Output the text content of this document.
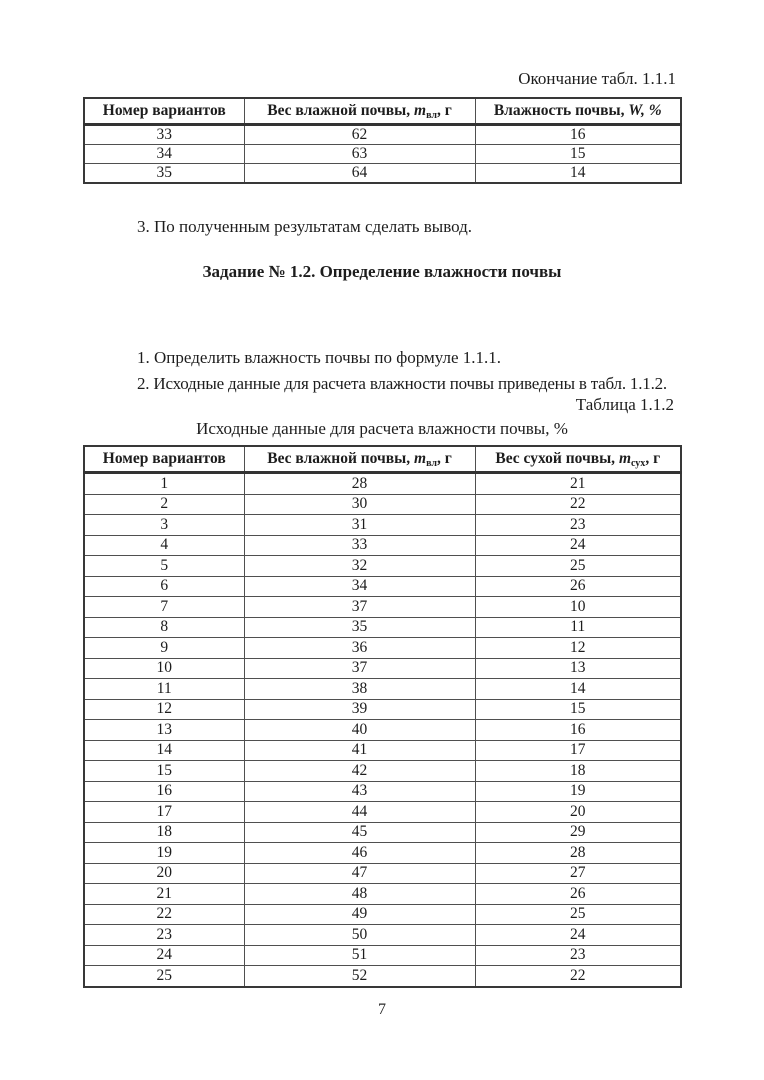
Окончание табл. 1.1.1
Номер вариантов	Вес влажной почвы, $m_{вл}$, г	Влажность почвы, W, %
33	62	16
34	63	15
35	64	14

3. По полученным результатам сделать вывод.

Задание № 1.2. Определение влажности почвы

1. Определить влажность почвы по формуле 1.1.1.

2. Исходные данные для расчета влажности почвы приведены в табл. 1.1.2.

Таблица 1.1.2
Исходные данные для расчета влажности почвы, %
Номер вариантов	Вес влажной почвы, $m_{вл}$, г	Вес сухой почвы, $m_{сух}$, г
1	28	21
2	30	22
3	31	23
4	33	24
5	32	25
6	34	26
7	37	10
8	35	11
9	36	12
10	37	13
11	38	14
12	39	15
13	40	16
14	41	17
15	42	18
16	43	19
17	44	20
18	45	29
19	46	28
20	47	27
21	48	26
22	49	25
23	50	24
24	51	23
25	52	22
7
